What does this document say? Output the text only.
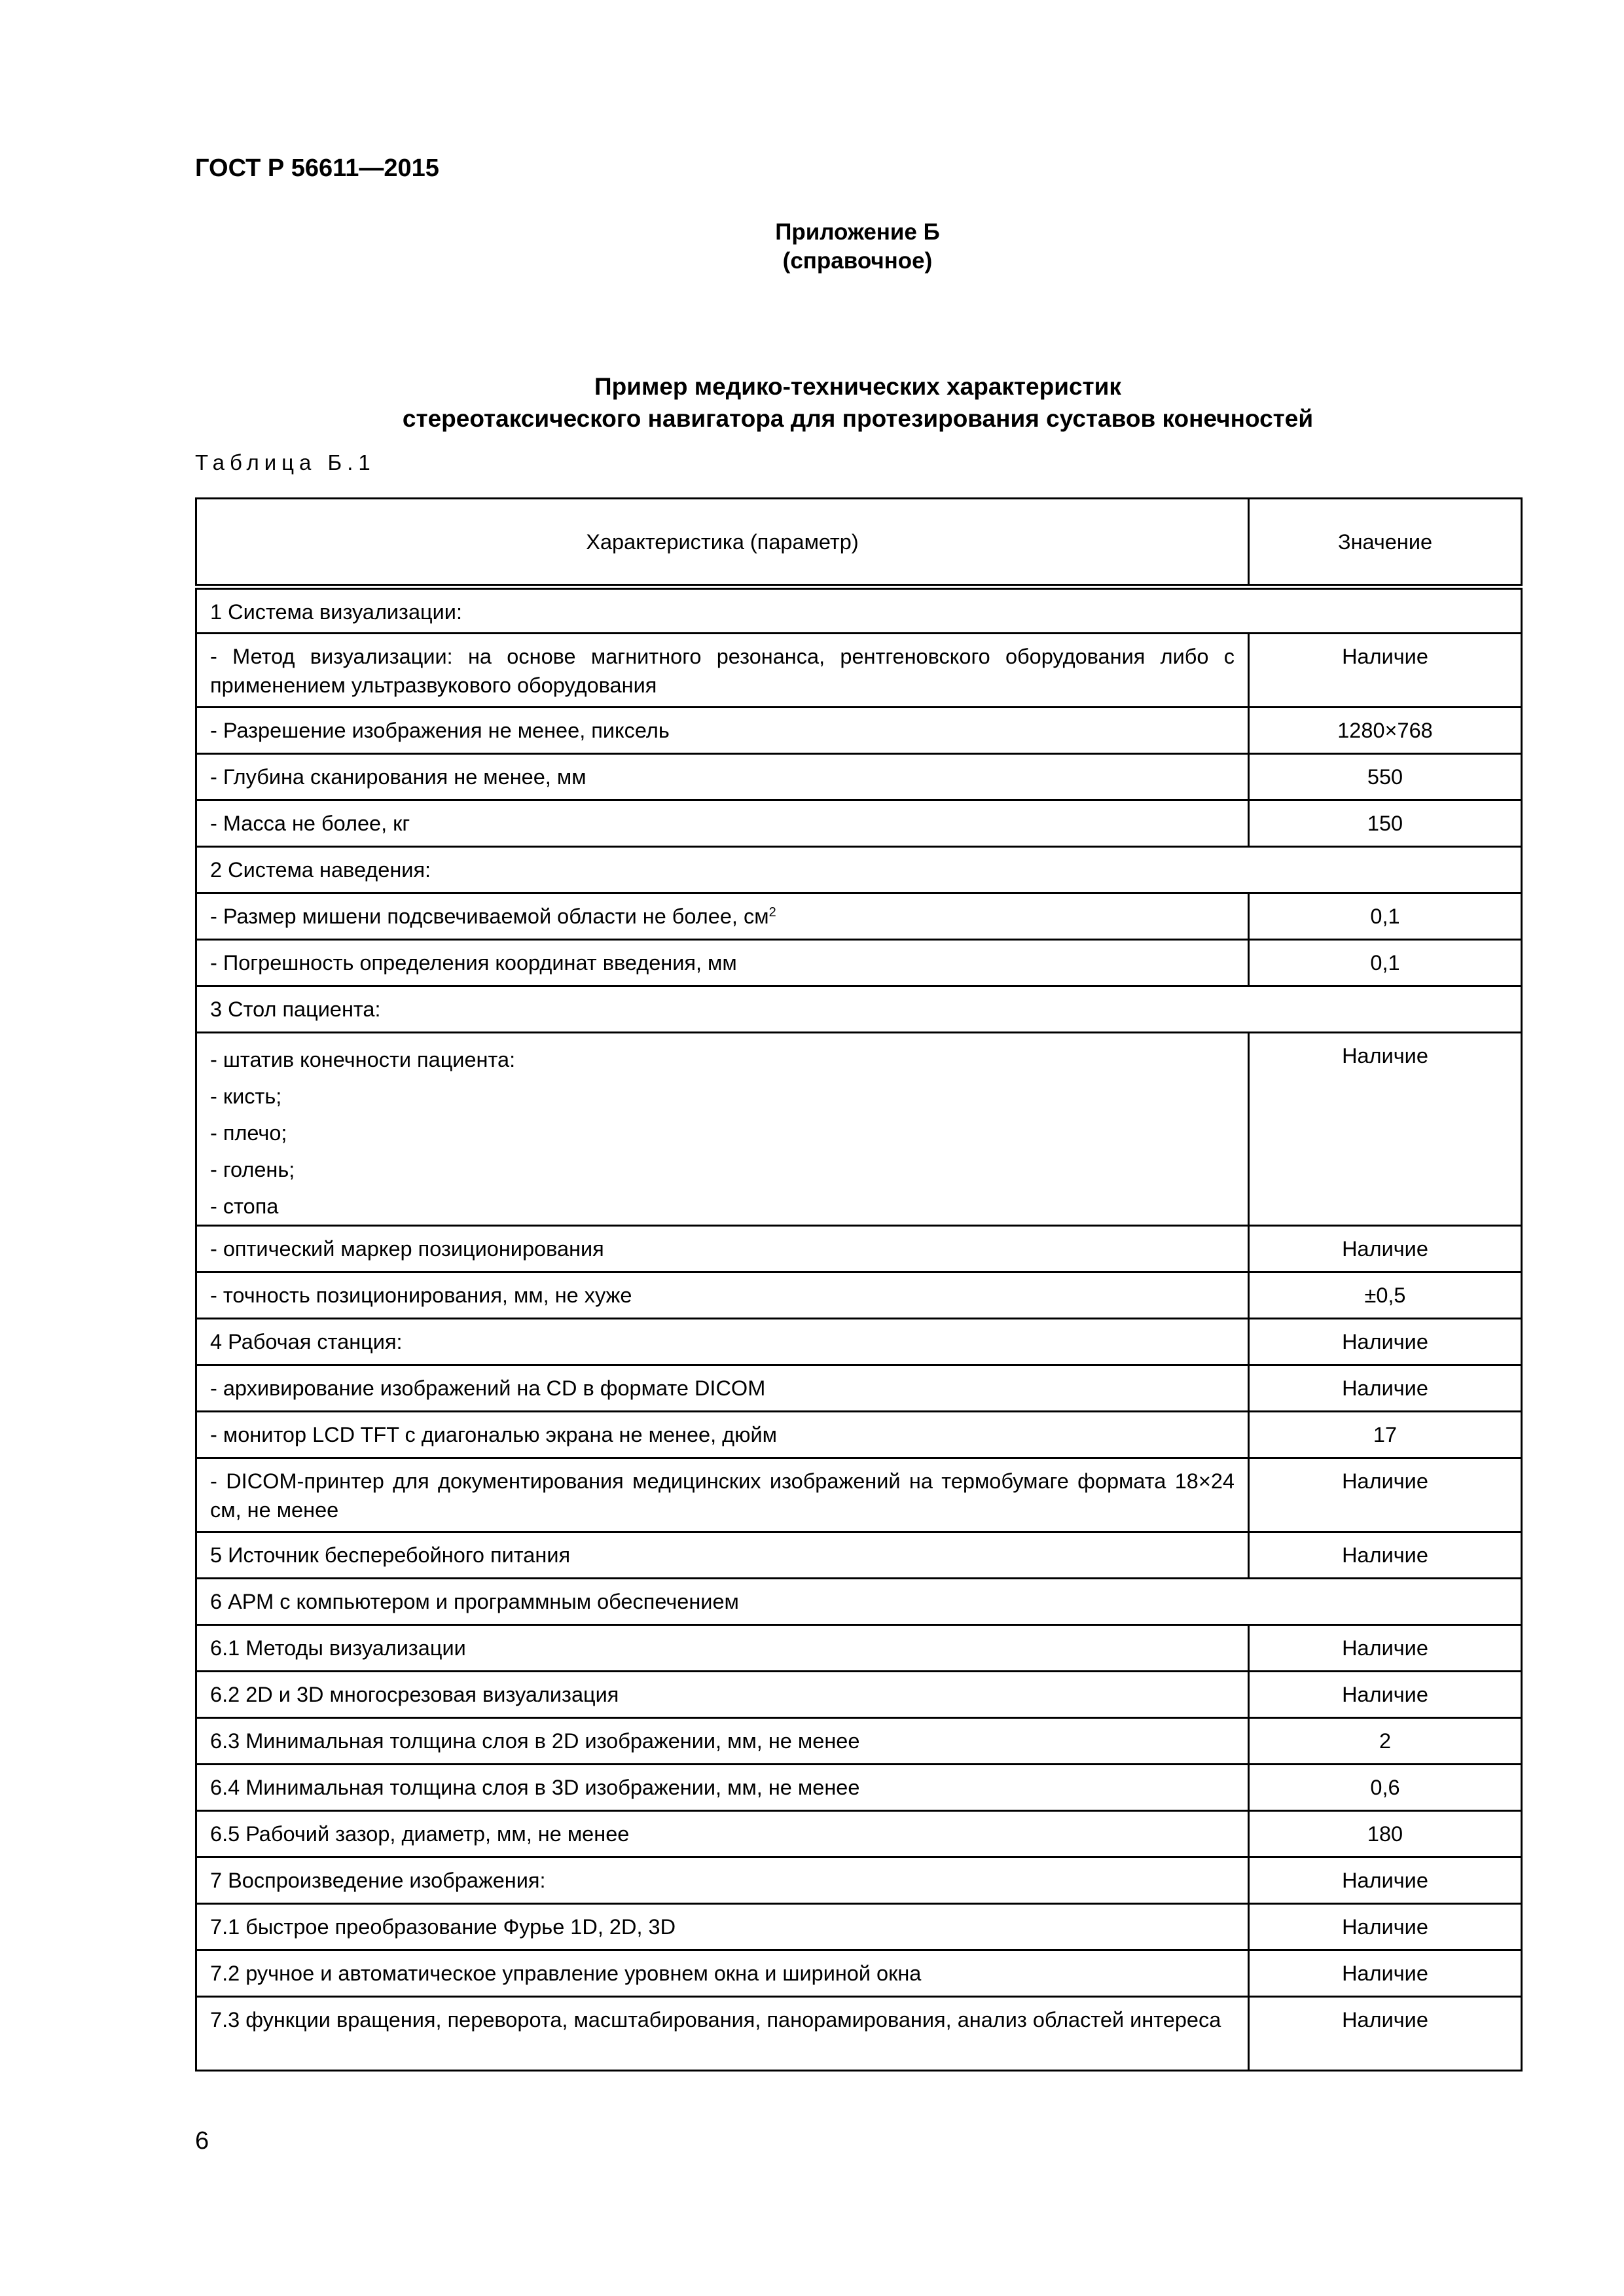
ГОСТ Р 56611—2015
Приложение Б
(справочное)
Пример медико-технических характеристик
стереотаксического навигатора для протезирования суставов конечностей
Таблица Б.1
Характеристика (параметр)	Значение
1 Система визуализации:	
- Метод визуализации: на основе магнитного резонанса, рентгеновского оборудования либо с применением ультразвукового оборудования	Наличие
- Разрешение изображения не менее, пиксель	1280×768
- Глубина сканирования не менее, мм	550
- Масса не более, кг	150
2 Система наведения:	
- Размер мишени подсвечиваемой области не более, $см^2$	0,1
- Погрешность определения координат введения, мм	0,1
3 Стол пациента:	

- штатив конечности пациента:
- кисть;
- плечо;
- голень;
- стопа	Наличие
- оптический маркер позиционирования	Наличие
- точность позиционирования, мм, не хуже	±0,5
4 Рабочая станция:	Наличие
- архивирование изображений на CD в формате DICOM	Наличие
- монитор LCD TFT с диагональю экрана не менее, дюйм	17
- DICOM-принтер для документирования медицинских изображений на термобумаге формата 18×24 см, не менее	Наличие
5 Источник бесперебойного питания	Наличие
6 АРМ с компьютером и программным обеспечением	
6.1 Методы визуализации	Наличие
6.2 2D и 3D многосрезовая визуализация	Наличие
6.3 Минимальная толщина слоя в 2D изображении, мм, не менее	2
6.4 Минимальная толщина слоя в 3D изображении, мм, не менее	0,6
6.5 Рабочий зазор, диаметр, мм, не менее	180
7 Воспроизведение изображения:	Наличие
7.1 быстрое преобразование Фурье 1D, 2D, 3D	Наличие
7.2 ручное и автоматическое управление уровнем окна и шириной окна	Наличие
7.3 функции вращения, переворота, масштабирования, панорамирования, анализ областей интереса	Наличие
6
